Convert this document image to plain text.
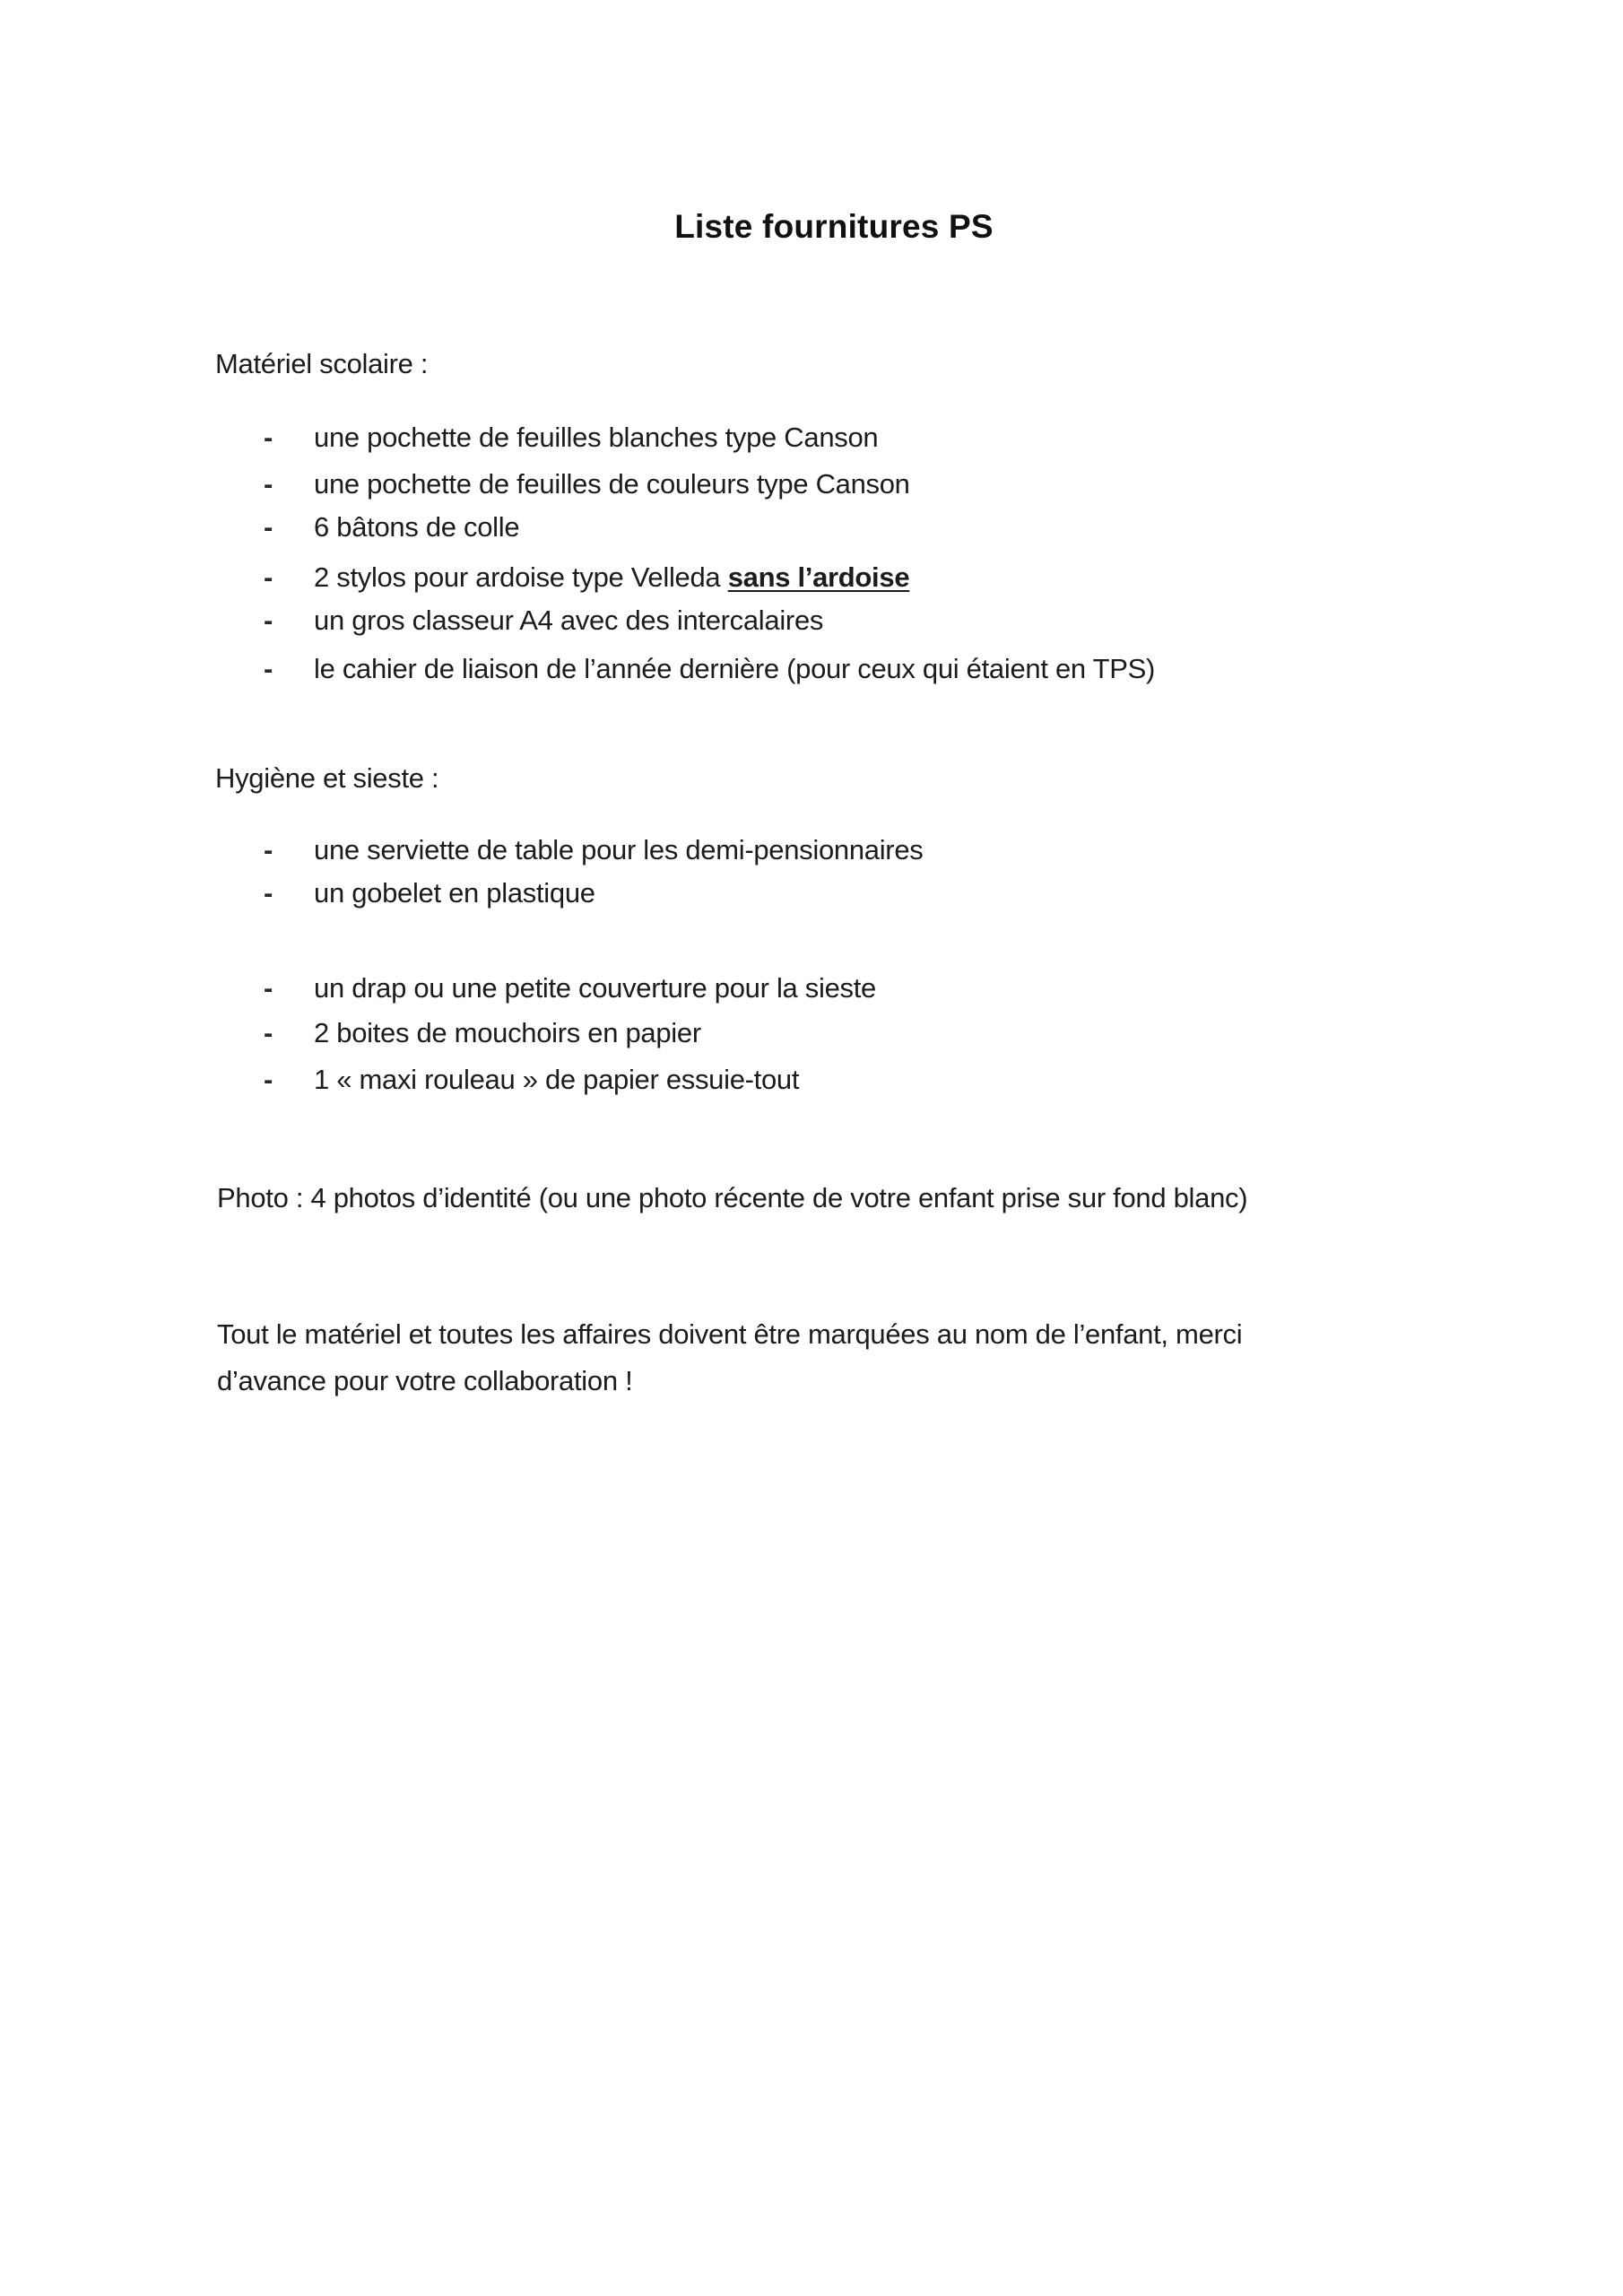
Liste fournitures PS
Matériel scolaire :
- une pochette de feuilles blanches type Canson
- une pochette de feuilles de couleurs type Canson
- 6 bâtons de colle
- 2 stylos pour ardoise type Velleda sans l’ardoise
- un gros classeur A4 avec des intercalaires
- le cahier de liaison de l’année dernière (pour ceux qui étaient en TPS)
Hygiène et sieste :
- une serviette de table pour les demi-pensionnaires
- un gobelet en plastique
- un drap ou une petite couverture pour la sieste
- 2 boites de mouchoirs en papier
- 1 « maxi rouleau » de papier essuie-tout
Photo : 4 photos d’identité (ou une photo récente de votre enfant prise sur fond blanc)
Tout le matériel et toutes les affaires doivent être marquées au nom de l’enfant, merci
d’avance pour votre collaboration !
